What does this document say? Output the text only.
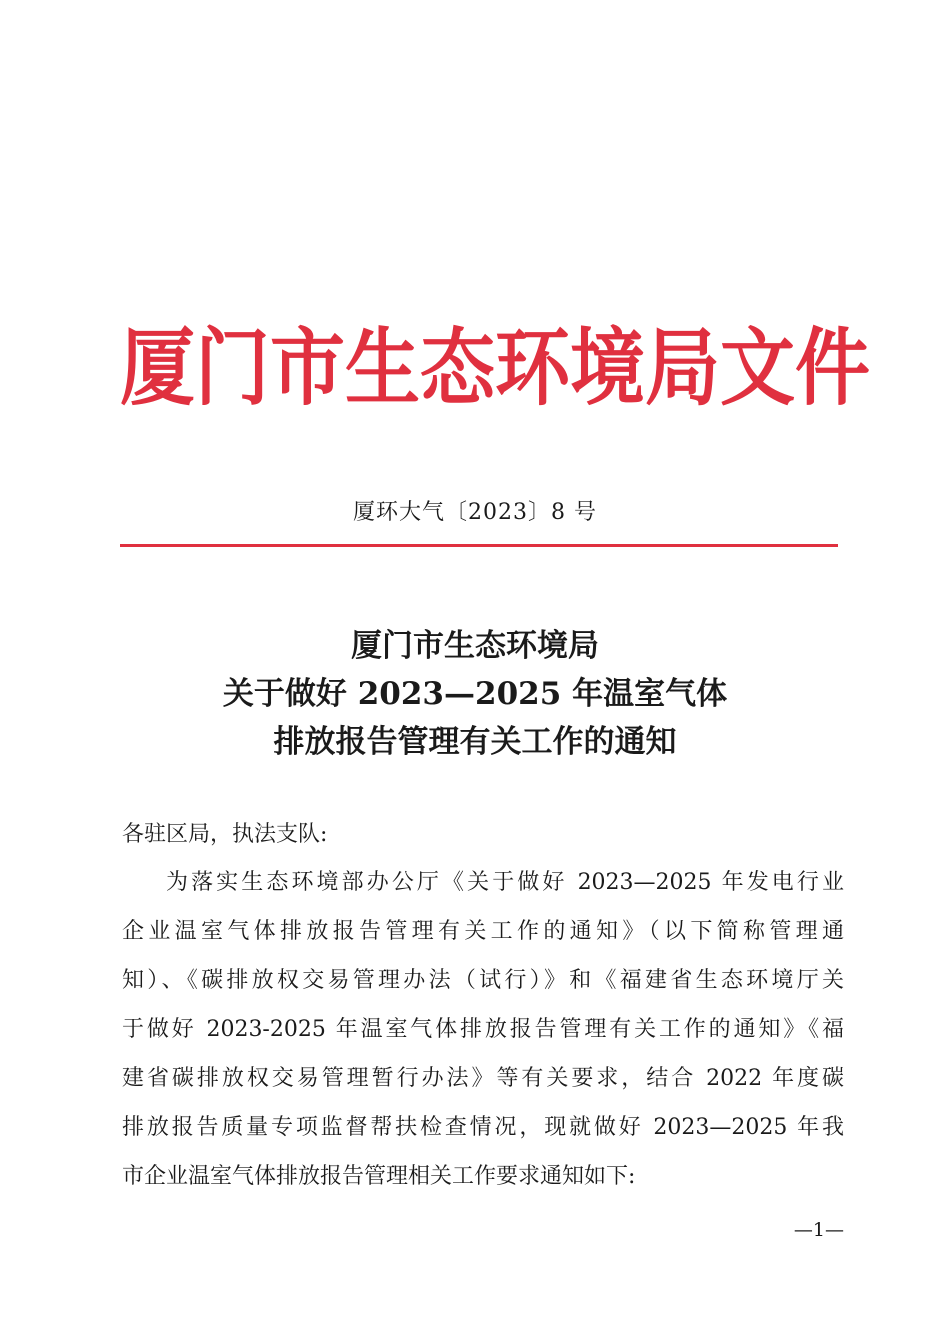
厦门市生态环境局文件
厦环大气〔2023〕8 号
厦门市生态环境局
关于做好 2023—2025 年温室气体
排放报告管理有关工作的通知
各驻区局，执法支队:
为落实生态环境部办公厅《关于做好 2023—2025 年发电行业
企业温室气体排放报告管理有关工作的通知》（以下简称管理通
知）、《碳排放权交易管理办法（试行）》和《福建省生态环境厅关
于做好 2023-2025 年温室气体排放报告管理有关工作的通知》《福
建省碳排放权交易管理暂行办法》等有关要求，结合 2022 年度碳
排放报告质量专项监督帮扶检查情况，现就做好 2023—2025 年我
市企业温室气体排放报告管理相关工作要求通知如下:
—1—
